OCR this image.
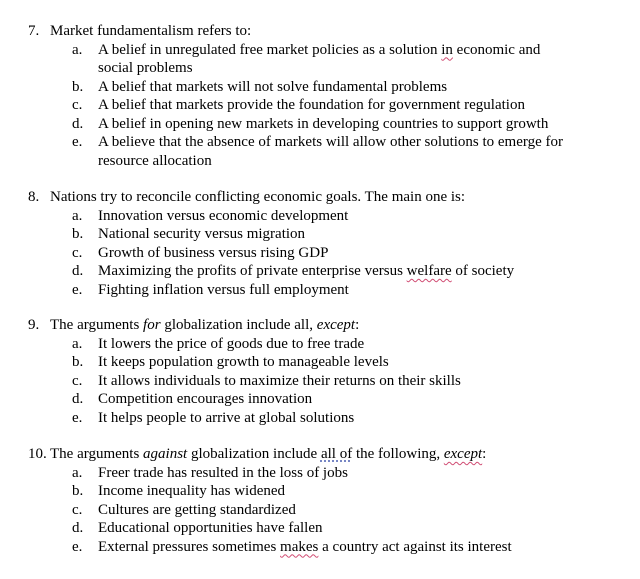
7. Market fundamentalism refers to:
a.	A belief in unregulated free market policies as a solution in economic and
social problems
b. A belief that markets will not solve fundamental problems
c.	A belief that markets provide the foundation for government regulation
d. A belief in opening new markets in developing countries to support growth
e.	A believe that the absence of markets will allow other solutions to emerge for
resource allocation
8. Nations try to reconcile conflicting economic goals. The main one is:
a.	Innovation versus economic development
b. National security versus migration
c.	Growth of business versus rising GDP
d. Maximizing the profits of private enterprise versus welfare of society
e.	Fighting inflation versus full employment
9. The arguments for globalization include all, except:
a.	It lowers the price of goods due to free trade
b. It keeps population growth to manageable levels
c.	It allows individuals to maximize their returns on their skills
d. Competition encourages innovation
e.	It helps people to arrive at global solutions
10. The arguments against globalization include all of the following, except:
a.	Freer trade has resulted in the loss of jobs
b. Income inequality has widened
c.	Cultures are getting standardized
d. Educational opportunities have fallen
e.	External pressures sometimes makes a country act against its interest
